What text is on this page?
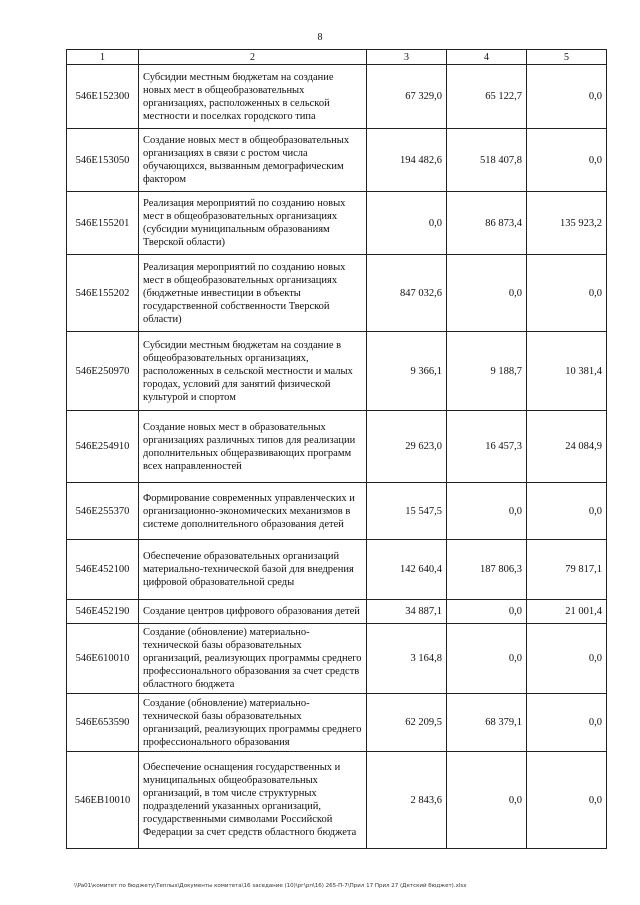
8
1	2	3	4	5
546E152300	Субсидии местным бюджетам на создание новых мест в общеобразовательных организациях, расположенных в сельской местности и поселках городского типа	67 329,0	65 122,7	0,0
546E153050	Создание новых мест в общеобразовательных организациях в связи с ростом числа обучающихся, вызванным демографическим фактором	194 482,6	518 407,8	0,0
546E155201	Реализация мероприятий по созданию новых мест в общеобразовательных организациях (субсидии муниципальным образованиям Тверской области)	0,0	86 873,4	135 923,2
546E155202	Реализация мероприятий по созданию новых мест в общеобразовательных организациях (бюджетные инвестиции в объекты государственной собственности Тверской области)	847 032,6	0,0	0,0
546E250970	Субсидии местным бюджетам на создание в общеобразовательных организациях, расположенных в сельской местности и малых городах, условий для занятий физической культурой и спортом	9 366,1	9 188,7	10 381,4
546E254910	Создание новых мест в образовательных организациях различных типов для реализации дополнительных общеразвивающих программ всех направленностей	29 623,0	16 457,3	24 084,9
546E255370	Формирование современных управленческих и организационно-экономических механизмов в системе дополнительного образования детей	15 547,5	0,0	0,0
546E452100	Обеспечение образовательных организаций материально-технической базой для внедрения цифровой образовательной среды	142 640,4	187 806,3	79 817,1
546E452190	Создание центров цифрового образования детей	34 887,1	0,0	21 001,4
546E610010	Создание (обновление) материально-технической базы образовательных организаций, реализующих программы среднего профессионального образования за счет средств областного бюджета	3 164,8	0,0	0,0
546E653590	Создание (обновление) материально-технической базы образовательных организаций, реализующих программы среднего профессионального образования	62 209,5	68 379,1	0,0
546EB10010	Обеспечение оснащения государственных и муниципальных общеобразовательных организаций, в том числе структурных подразделений указанных организаций, государственными символами Российской Федерации за счет средств областного бюджета	2 843,6	0,0	0,0
\\Pa01\комитет по бюджету\Теплых\Документы комитета\16 заседание (10)\рг\рп\16) 265-П-7\Прил 17 Прил 27 (Детский бюджет).xlsx
